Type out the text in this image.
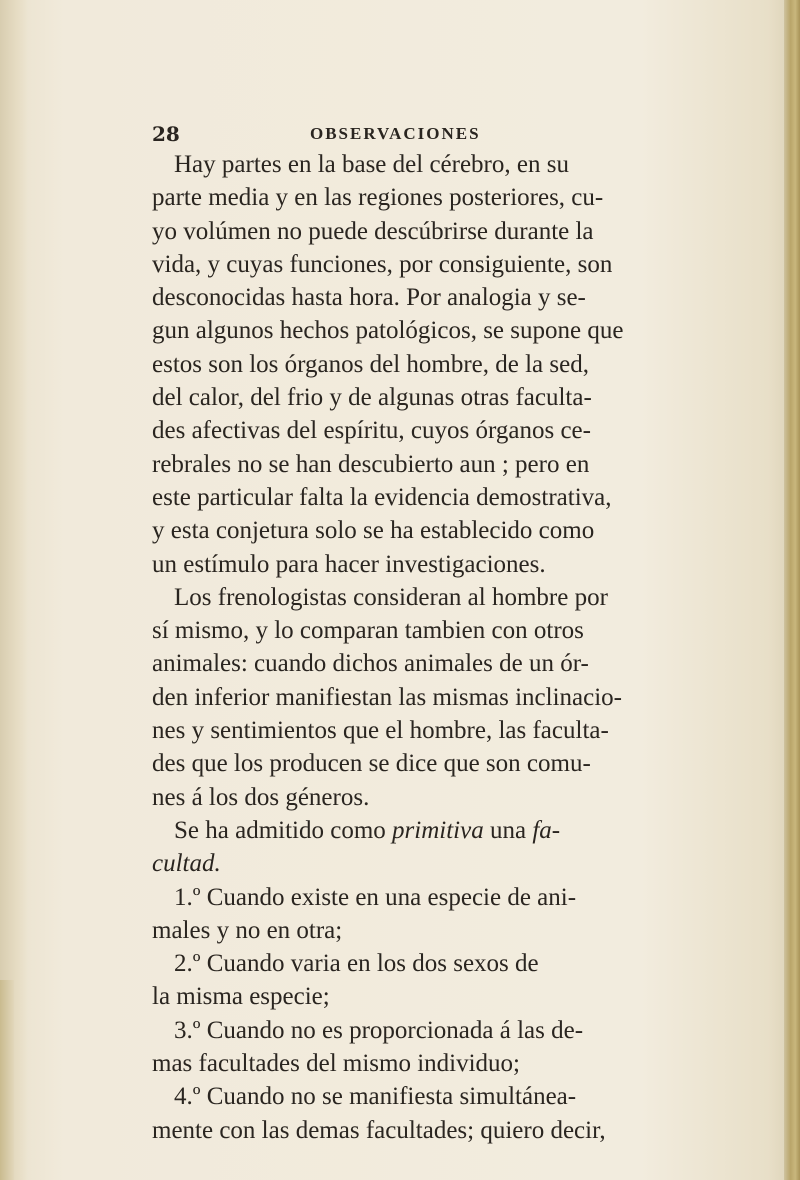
28	OBSERVACIONES
Hay partes en la base del cérebro, en su
parte media y en las regiones posteriores, cu-
yo volúmen no puede descúbrirse durante la
vida, y cuyas funciones, por consiguiente, son
desconocidas hasta hora. Por analogia y se-
gun algunos hechos patológicos, se supone que
estos son los órganos del hombre, de la sed,
del calor, del frio y de algunas otras faculta-
des afectivas del espíritu, cuyos órganos ce-
rebrales no se han descubierto aun ; pero en
este particular falta la evidencia demostrativa,
y esta conjetura solo se ha establecido como
un estímulo para hacer investigaciones.
Los frenologistas consideran al hombre por
sí mismo, y lo comparan tambien con otros
animales: cuando dichos animales de un ór-
den inferior manifiestan las mismas inclinacio-
nes y sentimientos que el hombre, las faculta-
des que los producen se dice que son comu-
nes á los dos géneros.
Se ha admitido como primitiva una fa-
cultad.
1.º Cuando existe en una especie de ani-
males y no en otra;
2.º Cuando varia en los dos sexos de
la misma especie;
3.º Cuando no es proporcionada á las de-
mas facultades del mismo individuo;
4.º Cuando no se manifiesta simultánea-
mente con las demas facultades; quiero decir,
